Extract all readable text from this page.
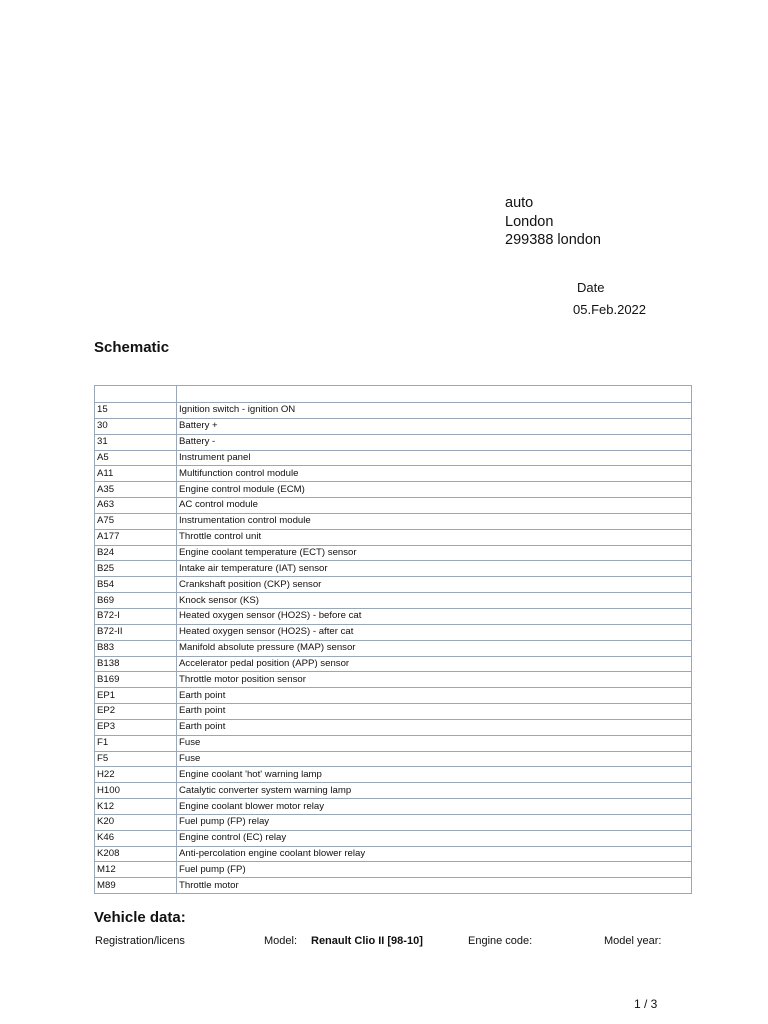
auto
London
299388 london
Date
05.Feb.2022
Schematic

15	Ignition switch - ignition ON
30	Battery +
31	Battery -
A5	Instrument panel
A11	Multifunction control module
A35	Engine control module (ECM)
A63	AC control module
A75	Instrumentation control module
A177	Throttle control unit
B24	Engine coolant temperature (ECT) sensor
B25	Intake air temperature (IAT) sensor
B54	Crankshaft position (CKP) sensor
B69	Knock sensor (KS)
B72-I	Heated oxygen sensor (HO2S) - before cat
B72-II	Heated oxygen sensor (HO2S) - after cat
B83	Manifold absolute pressure (MAP) sensor
B138	Accelerator pedal position (APP) sensor
B169	Throttle motor position sensor
EP1	Earth point
EP2	Earth point
EP3	Earth point
F1	Fuse
F5	Fuse
H22	Engine coolant 'hot' warning lamp
H100	Catalytic converter system warning lamp
K12	Engine coolant blower motor relay
K20	Fuel pump (FP) relay
K46	Engine control (EC) relay
K208	Anti-percolation engine coolant blower relay
M12	Fuel pump (FP)
M89	Throttle motor
Vehicle data:
Registration/licens	Model: Renault Clio II [98-10]	Engine code:	Model year:
1 / 3
